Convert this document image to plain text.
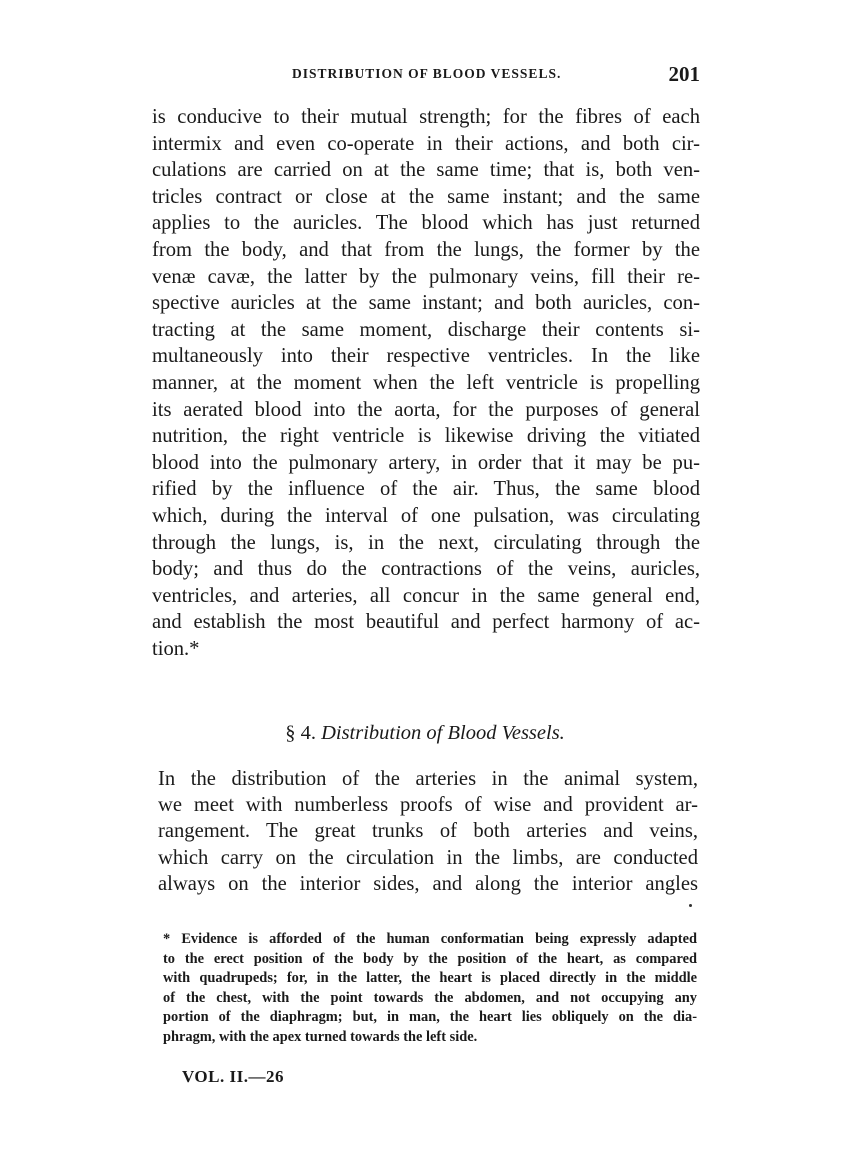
DISTRIBUTION OF BLOOD VESSELS.	201
is conducive to their mutual strength; for the fibres of each
intermix and even co-operate in their actions, and both cir-
culations are carried on at the same time; that is, both ven-
tricles contract or close at the same instant; and the same
applies to the auricles. The blood which has just returned
from the body, and that from the lungs, the former by the
venæ cavæ, the latter by the pulmonary veins, fill their re-
spective auricles at the same instant; and both auricles, con-
tracting at the same moment, discharge their contents si-
multaneously into their respective ventricles. In the like
manner, at the moment when the left ventricle is propelling
its aerated blood into the aorta, for the purposes of general
nutrition, the right ventricle is likewise driving the vitiated
blood into the pulmonary artery, in order that it may be pu-
rified by the influence of the air. Thus, the same blood
which, during the interval of one pulsation, was circulating
through the lungs, is, in the next, circulating through the
body; and thus do the contractions of the veins, auricles,
ventricles, and arteries, all concur in the same general end,
and establish the most beautiful and perfect harmony of ac-
tion.*
§ 4. Distribution of Blood Vessels.
In the distribution of the arteries in the animal system,
we meet with numberless proofs of wise and provident ar-
rangement. The great trunks of both arteries and veins,
which carry on the circulation in the limbs, are conducted
always on the interior sides, and along the interior angles
* Evidence is afforded of the human conformatian being expressly adapted
to the erect position of the body by the position of the heart, as compared
with quadrupeds; for, in the latter, the heart is placed directly in the middle
of the chest, with the point towards the abdomen, and not occupying any
portion of the diaphragm; but, in man, the heart lies obliquely on the dia-
phragm, with the apex turned towards the left side.
VOL. II.—26
